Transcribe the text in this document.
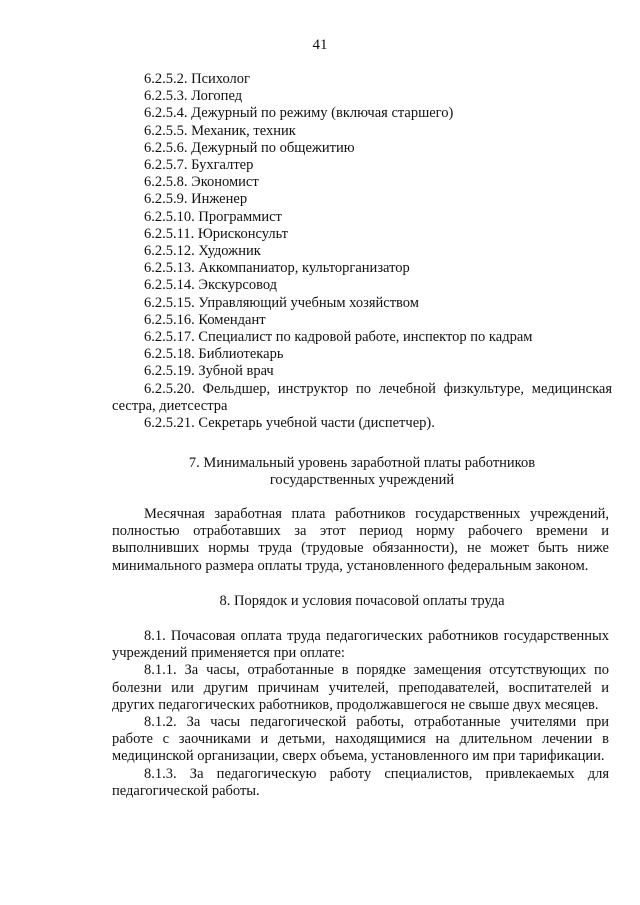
41
6.2.5.2. Психолог
6.2.5.3. Логопед
6.2.5.4. Дежурный по режиму (включая старшего)
6.2.5.5. Механик, техник
6.2.5.6. Дежурный по общежитию
6.2.5.7. Бухгалтер
6.2.5.8. Экономист
6.2.5.9. Инженер
6.2.5.10. Программист
6.2.5.11. Юрисконсульт
6.2.5.12. Художник
6.2.5.13. Аккомпаниатор, культорганизатор
6.2.5.14. Экскурсовод
6.2.5.15. Управляющий учебным хозяйством
6.2.5.16. Комендант
6.2.5.17. Специалист по кадровой работе, инспектор по кадрам
6.2.5.18. Библиотекарь
6.2.5.19. Зубной врач
6.2.5.20. Фельдшер, инструктор по лечебной физкультуре, медицинская сестра, диетсестра
6.2.5.21. Секретарь учебной части (диспетчер).
7. Минимальный уровень заработной платы работников
государственных учреждений
Месячная заработная плата работников государственных учреждений, полностью отработавших за этот период норму рабочего времени и выполнивших нормы труда (трудовые обязанности), не может быть ниже минимального размера оплаты труда, установленного федеральным законом.
8. Порядок и условия почасовой оплаты труда

8.1. Почасовая оплата труда педагогических работников государственных учреждений применяется при оплате:

8.1.1. За часы, отработанные в порядке замещения отсутствующих по болезни или другим причинам учителей, преподавателей, воспитателей и других педагогических работников, продолжавшегося не свыше двух месяцев.

8.1.2. За часы педагогической работы, отработанные учителями при работе с заочниками и детьми, находящимися на длительном лечении в медицинской организации, сверх объема, установленного им при тарификации.

8.1.3. За педагогическую работу специалистов, привлекаемых для педагогической работы.
